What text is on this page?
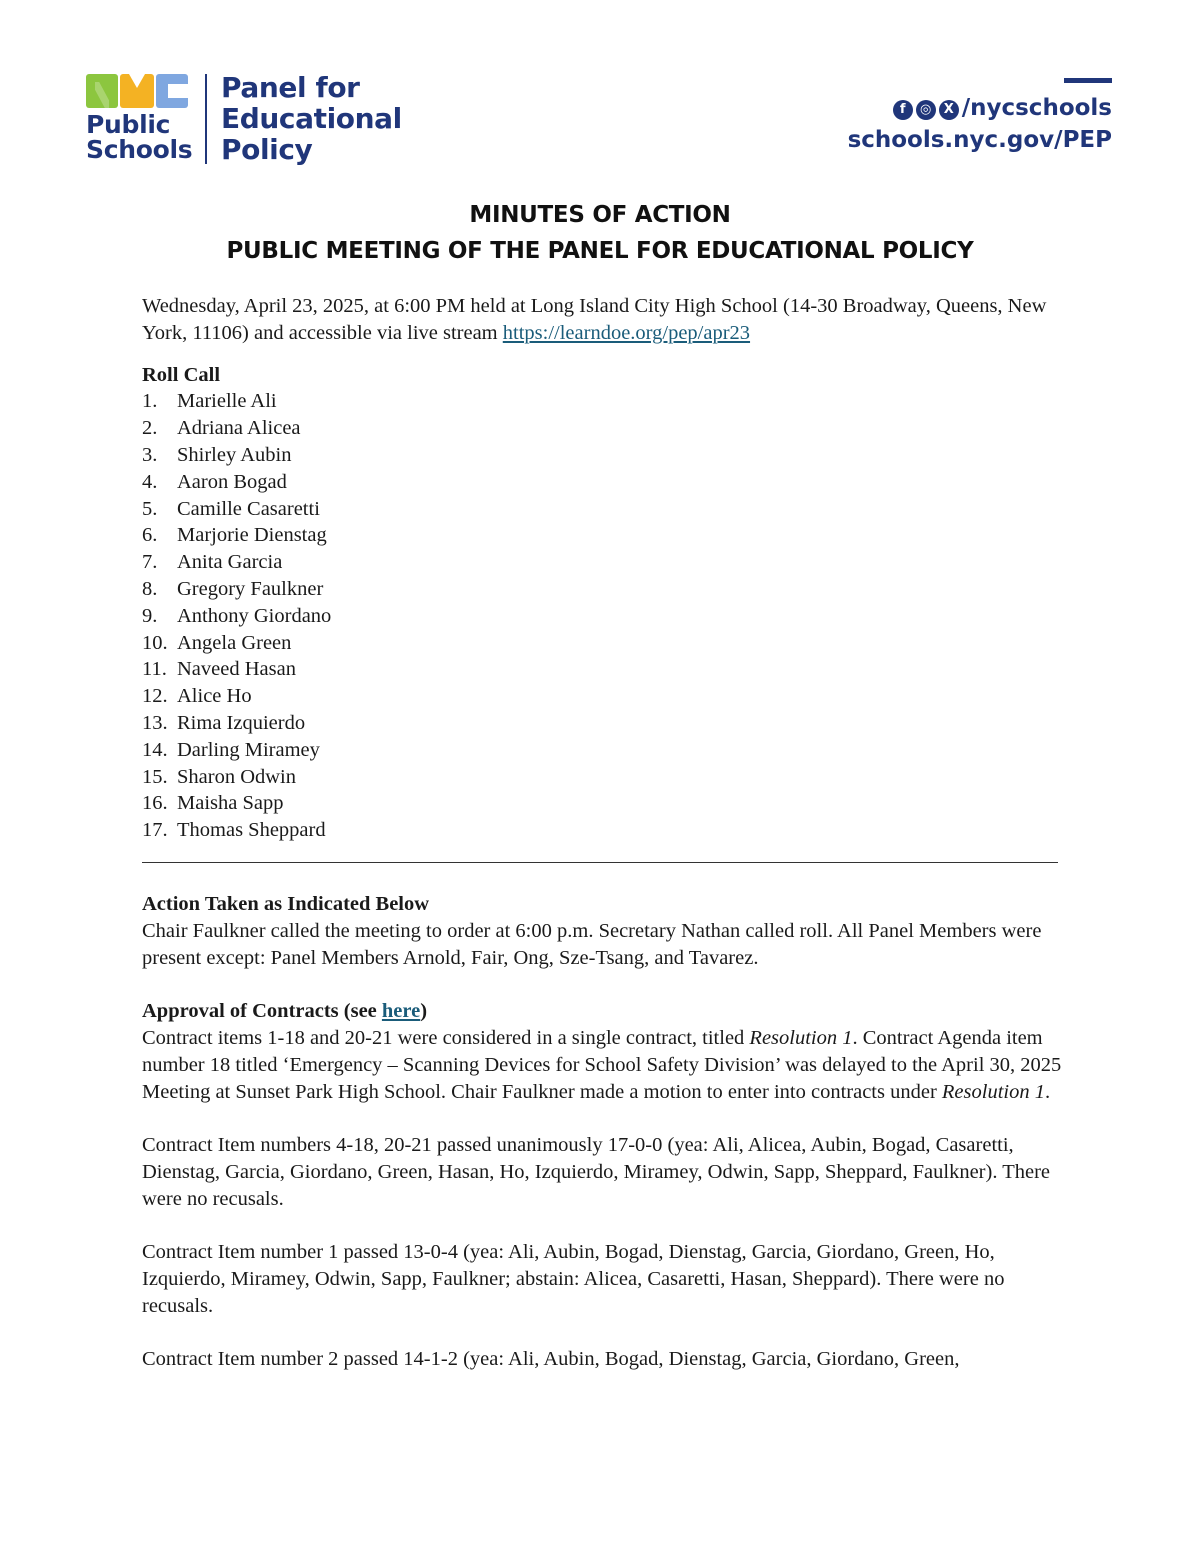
Public
Schools
Panel for
Educational
Policy
f ◎ X /nycschools
schools.nyc.gov/PEP
MINUTES OF ACTION
PUBLIC MEETING OF THE PANEL FOR EDUCATIONAL POLICY

Wednesday, April 23, 2025, at 6:00 PM held at Long Island City High School (14-30 Broadway, Queens, New York, 11106) and accessible via live stream https://learndoe.org/pep/apr23

Roll Call

1. Marielle Ali
2. Adriana Alicea
3. Shirley Aubin
4. Aaron Bogad
5. Camille Casaretti
6. Marjorie Dienstag
7. Anita Garcia
8. Gregory Faulkner
9. Anthony Giordano
10. Angela Green
11. Naveed Hasan
12. Alice Ho
13. Rima Izquierdo
14. Darling Miramey
15. Sharon Odwin
16. Maisha Sapp
17. Thomas Sheppard

Action Taken as Indicated Below

Chair Faulkner called the meeting to order at 6:00 p.m. Secretary Nathan called roll. All Panel Members were present except: Panel Members Arnold, Fair, Ong, Sze-Tsang, and Tavarez.

Approval of Contracts (see here)

Contract items 1-18 and 20-21 were considered in a single contract, titled Resolution 1. Contract Agenda item number 18 titled ‘Emergency – Scanning Devices for School Safety Division’ was delayed to the April 30, 2025 Meeting at Sunset Park High School. Chair Faulkner made a motion to enter into contracts under Resolution 1.

Contract Item numbers 4-18, 20-21 passed unanimously 17-0-0 (yea: Ali, Alicea, Aubin, Bogad, Casaretti, Dienstag, Garcia, Giordano, Green, Hasan, Ho, Izquierdo, Miramey, Odwin, Sapp, Sheppard, Faulkner). There were no recusals.

Contract Item number 1 passed 13-0-4 (yea: Ali, Aubin, Bogad, Dienstag, Garcia, Giordano, Green, Ho, Izquierdo, Miramey, Odwin, Sapp, Faulkner; abstain: Alicea, Casaretti, Hasan, Sheppard). There were no recusals.

Contract Item number 2 passed 14-1-2 (yea: Ali, Aubin, Bogad, Dienstag, Garcia, Giordano, Green,
